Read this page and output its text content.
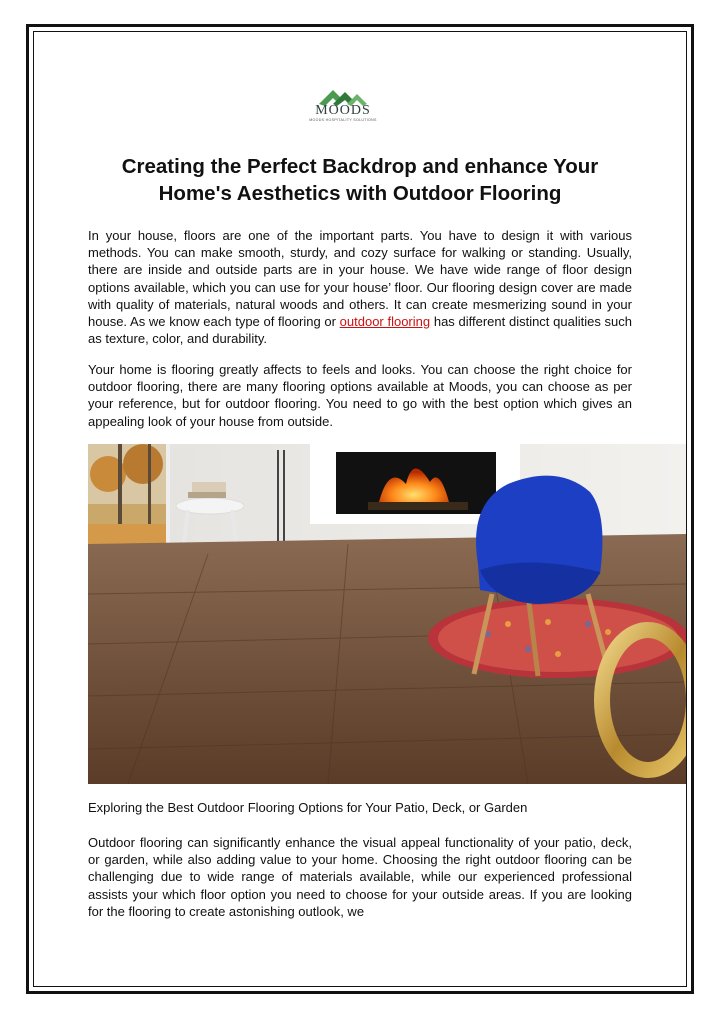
MOODS
MOODS HOSPITALITY SOLUTIONS
Creating the Perfect Backdrop and enhance Your Home's Aesthetics with Outdoor Flooring

In your house, floors are one of the important parts. You have to design it with various methods. You can make smooth, sturdy, and cozy surface for walking or standing. Usually, there are inside and outside parts are in your house. We have wide range of floor design options available, which you can use for your house’ floor. Our flooring design cover are made with quality of materials, natural woods and others. It can create mesmerizing sound in your house. As we know each type of flooring or outdoor flooring has different distinct qualities such as texture, color, and durability.

Your home is flooring greatly affects to feels and looks. You can choose the right choice for outdoor flooring, there are many flooring options available at Moods, you can choose as per your reference, but for outdoor flooring. You need to go with the best option which gives an appealing look of your house from outside.

Exploring the Best Outdoor Flooring Options for Your Patio, Deck, or Garden

Outdoor flooring can significantly enhance the visual appeal functionality of your patio, deck, or garden, while also adding value to your home. Choosing the right outdoor flooring can be challenging due to wide range of materials available, while our experienced professional assists your which floor option you need to choose for your outside areas. If you are looking for the flooring to create astonishing outlook, we
